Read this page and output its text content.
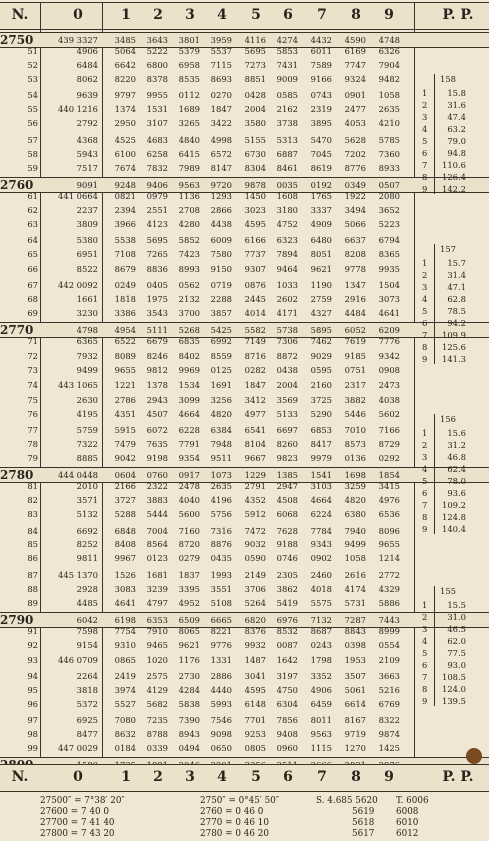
N.	0	1	2	3	4	5	6	7	8	9	P. P.
2750	439 3327	3485	3643	3801	3959	4116	4274	4432	4590	4748
51	4906	5064	5222	5379	5537	5695	5853	6011	6169	6326
52	6484	6642	6800	6958	7115	7273	7431	7589	7747	7904
53	8062	8220	8378	8535	8693	8851	9009	9166	9324	9482
54	9639	9797	9955	0112	0270	0428	0585	0743	0901	1058
55	440 1216	1374	1531	1689	1847	2004	2162	2319	2477	2635
56	2792	2950	3107	3265	3422	3580	3738	3895	4053	4210
57	4368	4525	4683	4840	4998	5155	5313	5470	5628	5785
58	5943	6100	6258	6415	6572	6730	6887	7045	7202	7360
59	7517	7674	7832	7989	8147	8304	8461	8619	8776	8933
2760	9091	9248	9406	9563	9720	9878	0035	0192	0349	0507
61	441 0664	0821	0979	1136	1293	1450	1608	1765	1922	2080
62	2237	2394	2551	2708	2866	3023	3180	3337	3494	3652
63	3809	3966	4123	4280	4438	4595	4752	4909	5066	5223
64	5380	5538	5695	5852	6009	6166	6323	6480	6637	6794
65	6951	7108	7265	7423	7580	7737	7894	8051	8208	8365
66	8522	8679	8836	8993	9150	9307	9464	9621	9778	9935
67	442 0092	0249	0405	0562	0719	0876	1033	1190	1347	1504
68	1661	1818	1975	2132	2288	2445	2602	2759	2916	3073
69	3230	3386	3543	3700	3857	4014	4171	4327	4484	4641
2770	4798	4954	5111	5268	5425	5582	5738	5895	6052	6209
71	6365	6522	6679	6835	6992	7149	7306	7462	7619	7776
72	7932	8089	8246	8402	8559	8716	8872	9029	9185	9342
73	9499	9655	9812	9969	0125	0282	0438	0595	0751	0908
74	443 1065	1221	1378	1534	1691	1847	2004	2160	2317	2473
75	2630	2786	2943	3099	3256	3412	3569	3725	3882	4038
76	4195	4351	4507	4664	4820	4977	5133	5290	5446	5602
77	5759	5915	6072	6228	6384	6541	6697	6853	7010	7166
78	7322	7479	7635	7791	7948	8104	8260	8417	8573	8729
79	8885	9042	9198	9354	9511	9667	9823	9979	0136	0292
2780	444 0448	0604	0760	0917	1073	1229	1385	1541	1698	1854
81	2010	2166	2322	2478	2635	2791	2947	3103	3259	3415
82	3571	3727	3883	4040	4196	4352	4508	4664	4820	4976
83	5132	5288	5444	5600	5756	5912	6068	6224	6380	6536
84	6692	6848	7004	7160	7316	7472	7628	7784	7940	8096
85	8252	8408	8564	8720	8876	9032	9188	9343	9499	9655
86	9811	9967	0123	0279	0435	0590	0746	0902	1058	1214
87	445 1370	1526	1681	1837	1993	2149	2305	2460	2616	2772
88	2928	3083	3239	3395	3551	3706	3862	4018	4174	4329
89	4485	4641	4797	4952	5108	5264	5419	5575	5731	5886
2790	6042	6198	6353	6509	6665	6820	6976	7132	7287	7443
91	7598	7754	7910	8065	8221	8376	8532	8687	8843	8999
92	9154	9310	9465	9621	9776	9932	0087	0243	0398	0554
93	446 0709	0865	1020	1176	1331	1487	1642	1798	1953	2109
94	2264	2419	2575	2730	2886	3041	3197	3352	3507	3663
95	3818	3974	4129	4284	4440	4595	4750	4906	5061	5216
96	5372	5527	5682	5838	5993	6148	6304	6459	6614	6769
97	6925	7080	7235	7390	7546	7701	7856	8011	8167	8322
98	8477	8632	8788	8943	9098	9253	9408	9563	9719	9874
99	447 0029	0184	0339	0494	0650	0805	0960	1115	1270	1425
158
1	15.8
2	31.6
3	47.4
4	63.2
5	79.0
6	94.8
7	110.6
8	126.4
9	142.2
157
1	15.7
2	31.4
3	47.1
4	62.8
5	78.5
6	94.2
7	109.9
8	125.6
9	141.3
156
1	15.6
2	31.2
3	46.8
4	62.4
5	78.0
6	93.6
7	109.2
8	124.8
9	140.4
155
1	15.5
2	31.0
3	46.5
4	62.0
5	77.5
6	93.0
7	108.5
8	124.0
9	139.5
N.	0	1	2	3	4	5	6	7	8	9	P. P.
27500″ = 7°38′ 20″	2750″ = 0°45′ 50″	S. 4.685 5620 T. 6006
27600 = 7 40 0	2760 = 0 46 0	5619 6008
27700 = 7 41 40	2770 = 0 46 10	5618 6010
27800 = 7 43 20	2780 = 0 46 20	5617 6012
